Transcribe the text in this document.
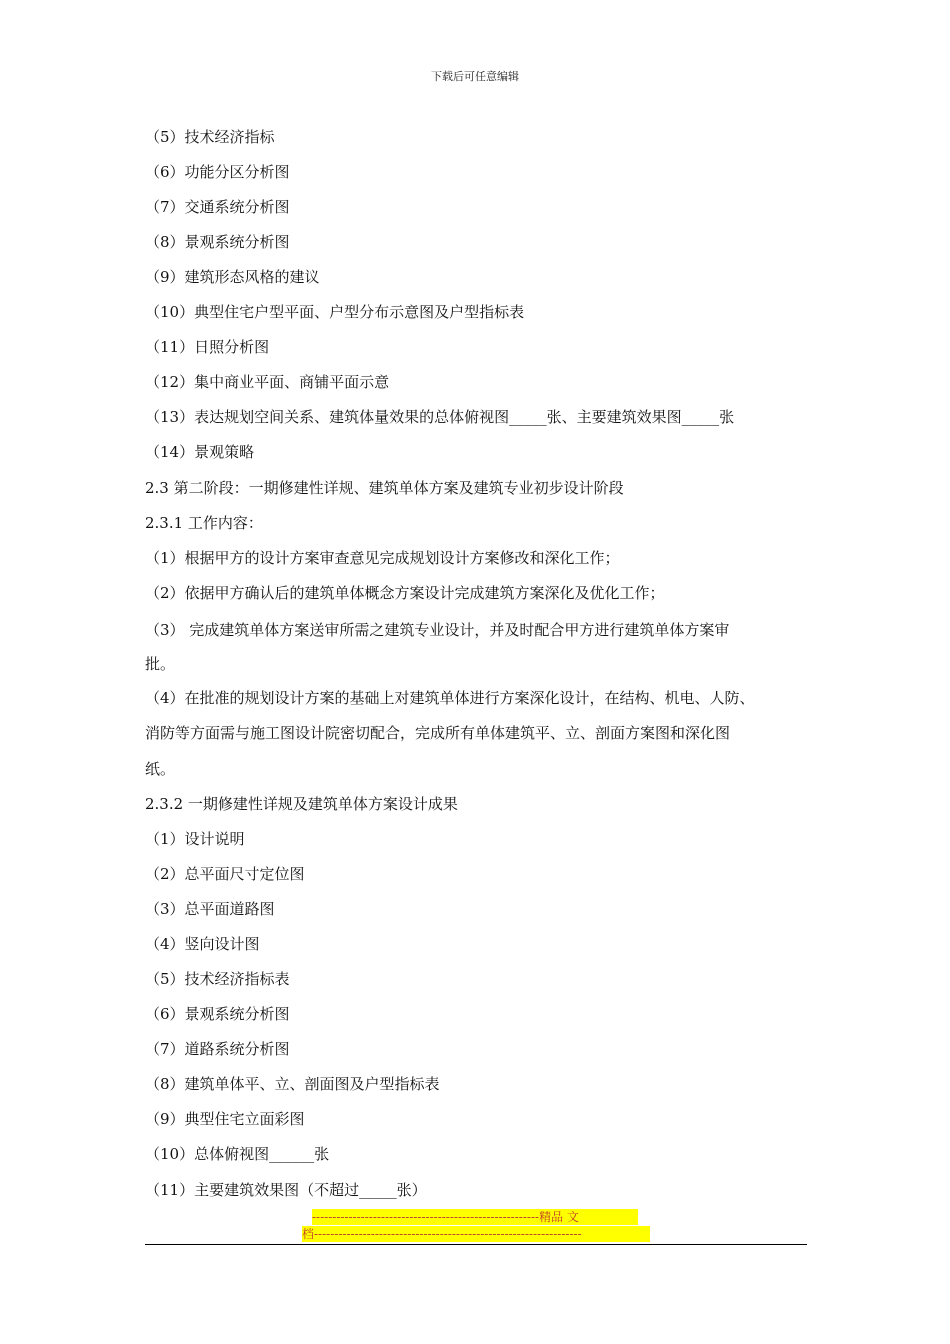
下载后可任意编辑
（5）技术经济指标
（6）功能分区分析图
（7）交通系统分析图
（8）景观系统分析图
（9）建筑形态风格的建议
（10）典型住宅户型平面、户型分布示意图及户型指标表
（11）日照分析图
（12）集中商业平面、商铺平面示意
（13）表达规划空间关系、建筑体量效果的总体俯视图_____张、主要建筑效果图_____张
（14）景观策略
2.3 第二阶段：一期修建性详规、建筑单体方案及建筑专业初步设计阶段
2.3.1 工作内容：
（1）根据甲方的设计方案审查意见完成规划设计方案修改和深化工作；
（2）依据甲方确认后的建筑单体概念方案设计完成建筑方案深化及优化工作；
（3） 完成建筑单体方案送审所需之建筑专业设计，并及时配合甲方进行建筑单体方案审
批。
（4）在批准的规划设计方案的基础上对建筑单体进行方案深化设计，在结构、机电、人防、
消防等方面需与施工图设计院密切配合，完成所有单体建筑平、立、剖面方案图和深化图
纸。
2.3.2 一期修建性详规及建筑单体方案设计成果
（1）设计说明
（2）总平面尺寸定位图
（3）总平面道路图
（4）竖向设计图
（5）技术经济指标表
（6）景观系统分析图
（7）道路系统分析图
（8）建筑单体平、立、剖面图及户型指标表
（9）典型住宅立面彩图
（10）总体俯视图______张
（11）主要建筑效果图（不超过_____张）
--------------------------------------------------------精品 文
档------------------------------------------------------------------
